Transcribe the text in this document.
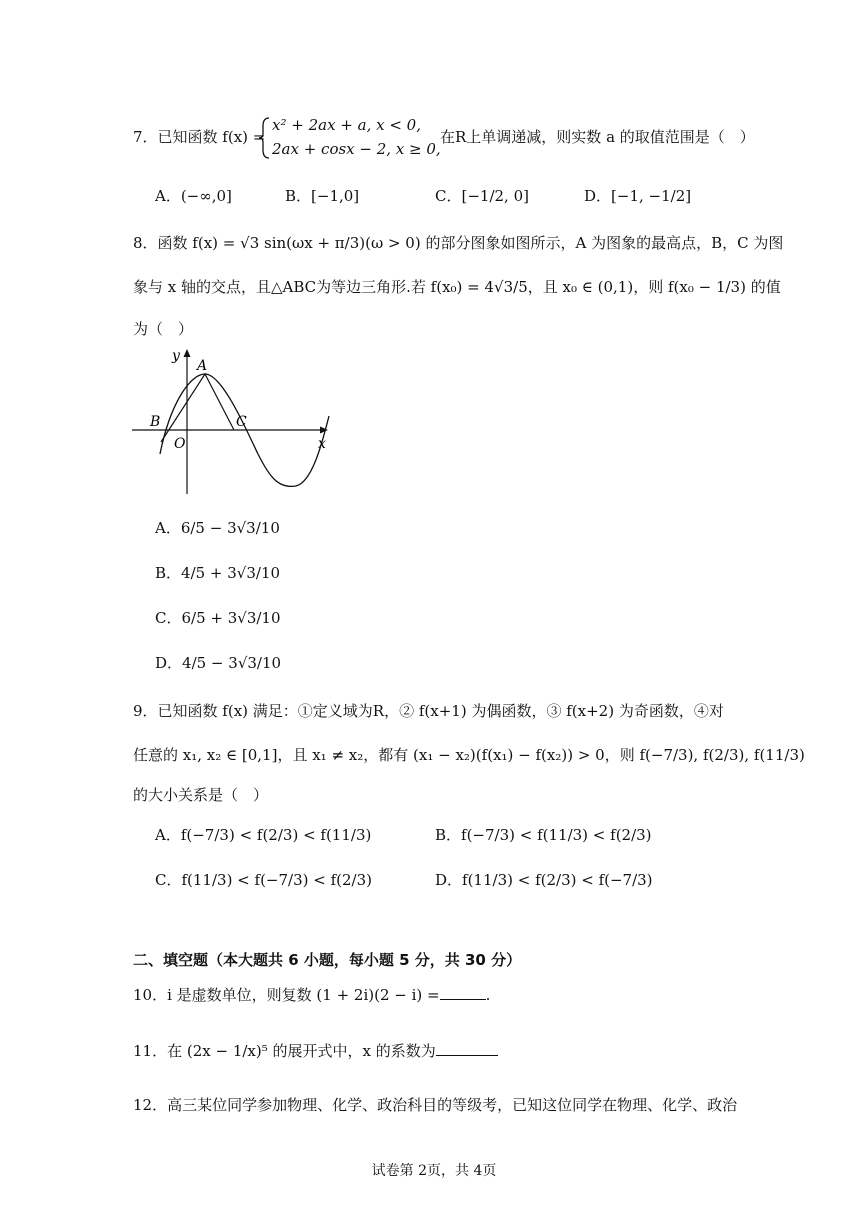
7．已知函数 f(x) =
x² + 2ax + a, x < 0,
2ax + cosx − 2, x ≥ 0,
在R上单调递减，则实数 a 的取值范围是（　）
A．(−∞,0]	B．[−1,0]	C．[−1/2, 0]	D．[−1, −1/2]
8．函数 f(x) = √3 sin(ωx + π/3)(ω > 0) 的部分图象如图所示，A 为图象的最高点，B，C 为图
象与 x 轴的交点，且△ABC为等边三角形.若 f(x₀) = 4√3/5，且 x₀ ∈ (0,1)，则 f(x₀ − 1/3) 的值
为（　）
y
A
B	C
O	x
A．6/5 − 3√3/10
B．4/5 + 3√3/10
C．6/5 + 3√3/10
D．4/5 − 3√3/10
9．已知函数 f(x) 满足：①定义域为R，② f(x+1) 为偶函数，③ f(x+2) 为奇函数，④对
任意的 x₁, x₂ ∈ [0,1]，且 x₁ ≠ x₂，都有 (x₁ − x₂)(f(x₁) − f(x₂)) > 0，则 f(−7/3), f(2/3), f(11/3)
的大小关系是（　）
A．f(−7/3) < f(2/3) < f(11/3)	B．f(−7/3) < f(11/3) < f(2/3)
C．f(11/3) < f(−7/3) < f(2/3)	D．f(11/3) < f(2/3) < f(−7/3)
二、填空题（本大题共 6 小题，每小题 5 分，共 30 分）
10．i 是虚数单位，则复数 (1 + 2i)(2 − i) =	.
11．在 (2x − 1/x)⁵ 的展开式中，x 的系数为
12．高三某位同学参加物理、化学、政治科目的等级考，已知这位同学在物理、化学、政治
试卷第 2页，共 4页
